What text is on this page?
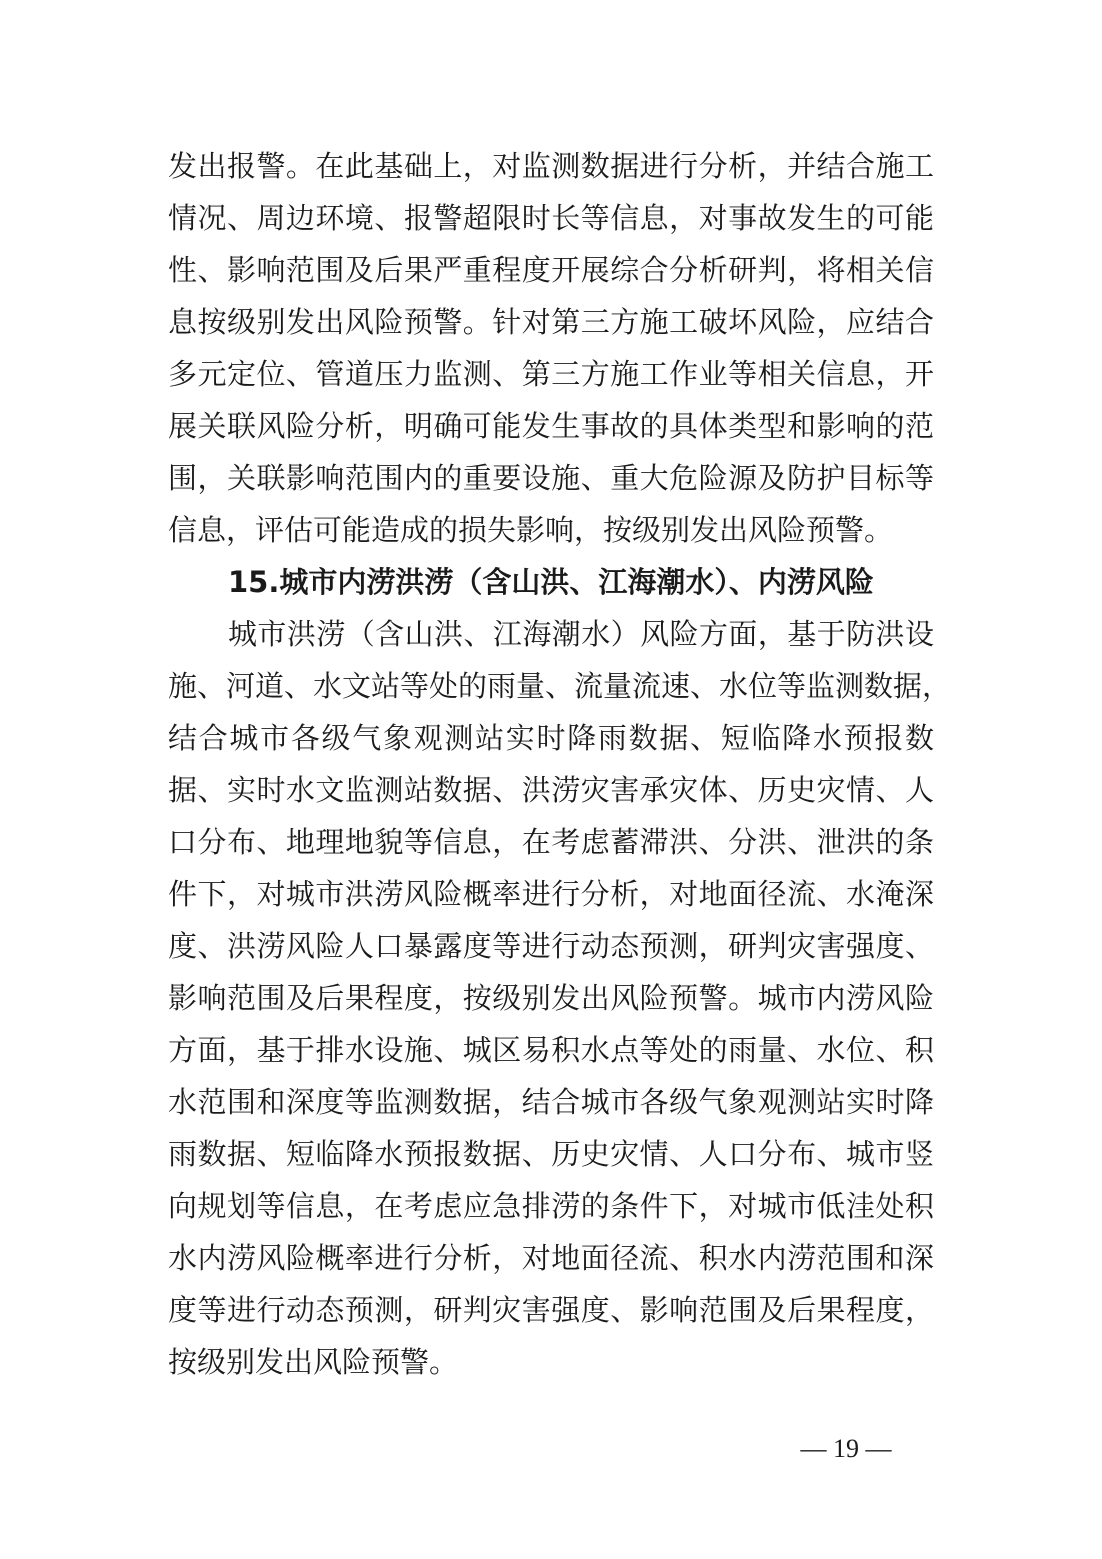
发出报警。在此基础上，对监测数据进行分析，并结合施工
情况、周边环境、报警超限时长等信息，对事故发生的可能
性、影响范围及后果严重程度开展综合分析研判，将相关信
息按级别发出风险预警。针对第三方施工破坏风险，应结合
多元定位、管道压力监测、第三方施工作业等相关信息，开
展关联风险分析，明确可能发生事故的具体类型和影响的范
围，关联影响范围内的重要设施、重大危险源及防护目标等
信息，评估可能造成的损失影响，按级别发出风险预警。
15.城市内涝洪涝（含山洪、江海潮水）、内涝风险
城市洪涝（含山洪、江海潮水）风险方面，基于防洪设
施、河道、水文站等处的雨量、流量流速、水位等监测数据，
结合城市各级气象观测站实时降雨数据、短临降水预报数
据、实时水文监测站数据、洪涝灾害承灾体、历史灾情、人
口分布、地理地貌等信息，在考虑蓄滞洪、分洪、泄洪的条
件下，对城市洪涝风险概率进行分析，对地面径流、水淹深
度、洪涝风险人口暴露度等进行动态预测，研判灾害强度、
影响范围及后果程度，按级别发出风险预警。城市内涝风险
方面，基于排水设施、城区易积水点等处的雨量、水位、积
水范围和深度等监测数据，结合城市各级气象观测站实时降
雨数据、短临降水预报数据、历史灾情、人口分布、城市竖
向规划等信息，在考虑应急排涝的条件下，对城市低洼处积
水内涝风险概率进行分析，对地面径流、积水内涝范围和深
度等进行动态预测，研判灾害强度、影响范围及后果程度，
按级别发出风险预警。
— 19 —
